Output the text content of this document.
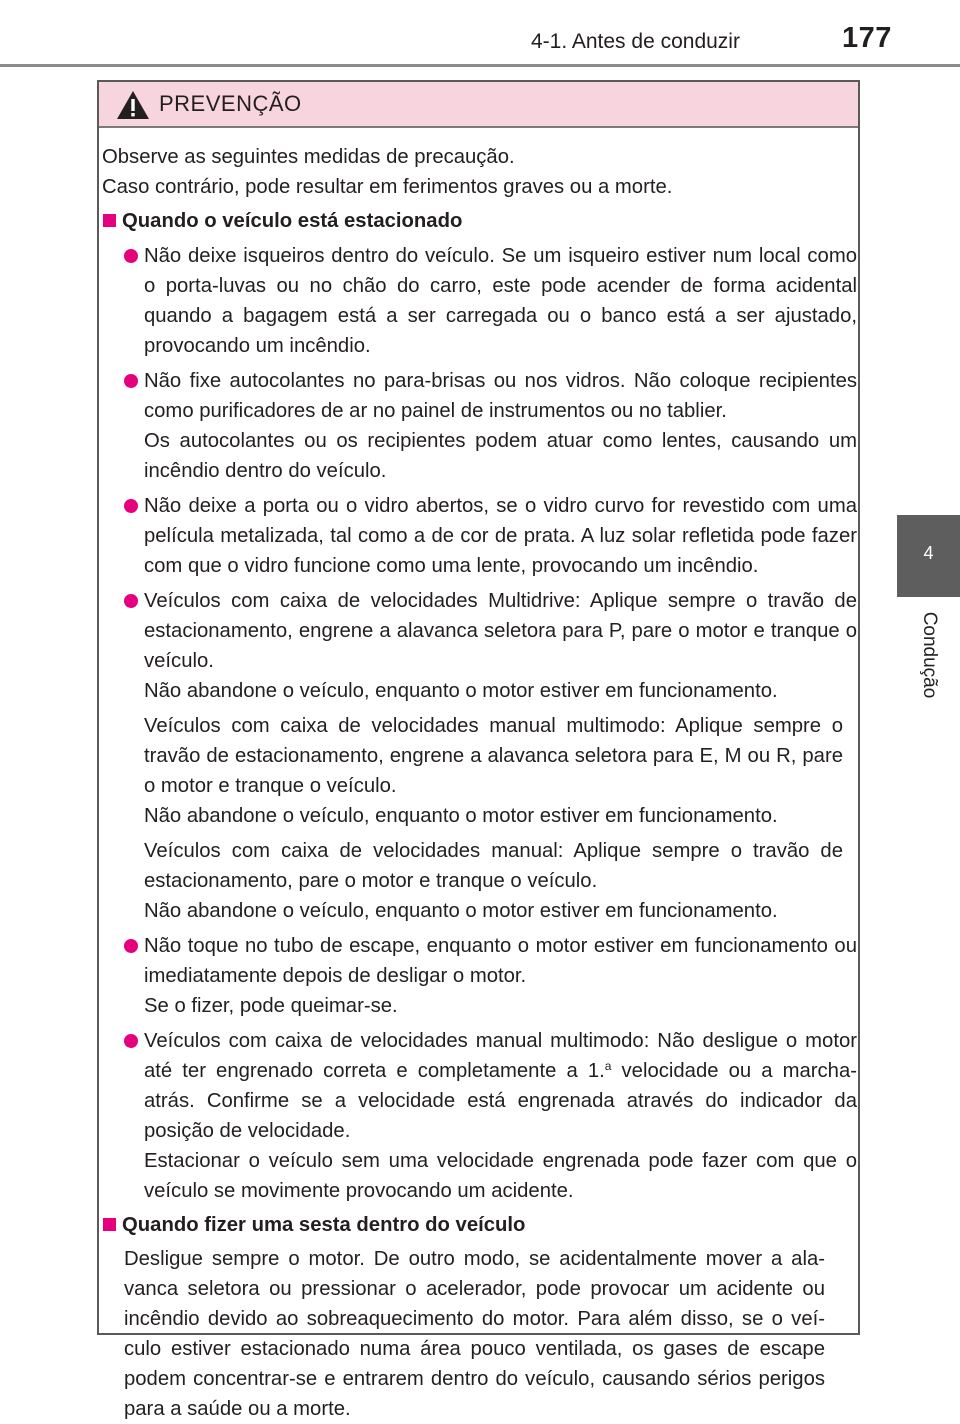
4-1. Antes de conduzir	177
4
Condução
PREVENÇÃO

Observe as seguintes medidas de precaução.

Caso contrário, pode resultar em ferimentos graves ou a morte.

Quando o veículo está estacionado

Não deixe isqueiros dentro do veículo. Se um isqueiro estiver num local como o porta-luvas ou no chão do carro, este pode acender de forma acidental quando a bagagem está a ser carregada ou o banco está a ser ajustado, provocando um incêndio.

Não fixe autocolantes no para-brisas ou nos vidros. Não coloque recipientes como purificadores de ar no painel de instrumentos ou no tablier.

Os autocolantes ou os recipientes podem atuar como lentes, causando um incêndio dentro do veículo.

Não deixe a porta ou o vidro abertos, se o vidro curvo for revestido com uma película metalizada, tal como a de cor de prata. A luz solar refletida pode fazer com que o vidro funcione como uma lente, provocando um incêndio.

Veículos com caixa de velocidades Multidrive: Aplique sempre o travão de estacionamento, engrene a alavanca seletora para P, pare o motor e tranque o veículo.

Não abandone o veículo, enquanto o motor estiver em funcionamento.

Veículos com caixa de velocidades manual multimodo: Aplique sempre o travão de estacionamento, engrene a alavanca seletora para E, M ou R, pare o motor e tranque o veículo.

Não abandone o veículo, enquanto o motor estiver em funcionamento.

Veículos com caixa de velocidades manual: Aplique sempre o travão de estacionamento, pare o motor e tranque o veículo.

Não abandone o veículo, enquanto o motor estiver em funcionamento.

Não toque no tubo de escape, enquanto o motor estiver em funcionamento ou imediatamente depois de desligar o motor.

Se o fizer, pode queimar-se.

Veículos com caixa de velocidades manual multimodo: Não desligue o motor até ter engrenado correta e completamente a 1.$^a$ velocidade ou a marcha-atrás. Confirme se a velocidade está engrenada através do indicador da posição de velocidade.

Estacionar o veículo sem uma velocidade engrenada pode fazer com que o veículo se movimente provocando um acidente.

Quando fizer uma sesta dentro do veículo

Desligue sempre o motor. De outro modo, se acidentalmente mover a alavanca seletora ou pressionar o acelerador, pode provocar um acidente ou incêndio devido ao sobreaquecimento do motor. Para além disso, se o veículo estiver estacionado numa área pouco ventilada, os gases de escape podem concentrar-se e entrarem dentro do veículo, causando sérios perigos para a saúde ou a morte.
